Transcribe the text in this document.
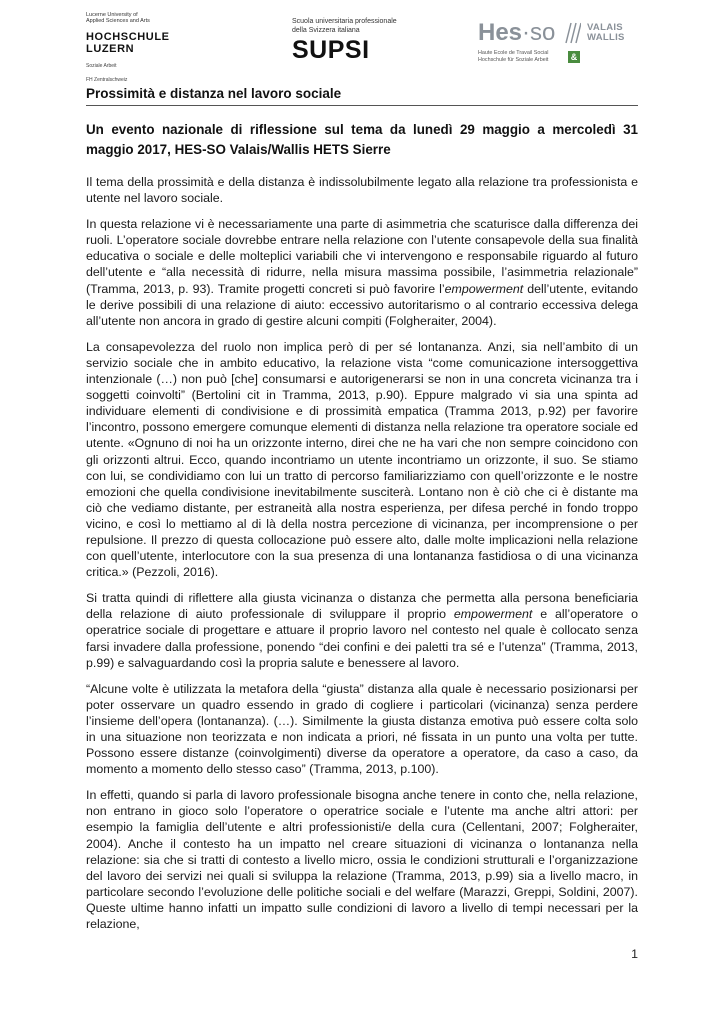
Lucerne University of
Applied Sciences and Arts
HOCHSCHULE
LUZERN
Soziale Arbeit
FH Zentralschweiz
Scuola universitaria professionale
della Svizzera italiana
SUPSI
Hes·so	VALAIS
WALLIS
Haute Ecole de Travail Social
Hochschule für Soziale Arbeit	&
Prossimità e distanza nel lavoro sociale
Un evento nazionale di riflessione sul tema da lunedì 29 maggio a mercoledì 31 maggio 2017, HES-SO Valais/Wallis HETS Sierre

Il tema della prossimità e della distanza è indissolubilmente legato alla relazione tra professionista e utente nel lavoro sociale.

In questa relazione vi è necessariamente una parte di asimmetria che scaturisce dalla differenza dei ruoli. L’operatore sociale dovrebbe entrare nella relazione con l’utente consapevole della sua finalità educativa o sociale e delle molteplici variabili che vi intervengono e responsabile riguardo al futuro dell’utente e “alla necessità di ridurre, nella misura massima possibile, l’asimmetria relazionale” (Tramma, 2013, p. 93). Tramite progetti concreti si può favorire l’empowerment dell’utente, evitando le derive possibili di una relazione di aiuto: eccessivo autoritarismo o al contrario eccessiva delega all’utente non ancora in grado di gestire alcuni compiti (Folgheraiter, 2004).

La consapevolezza del ruolo non implica però di per sé lontananza. Anzi, sia nell’ambito di un servizio sociale che in ambito educativo, la relazione vista “come comunicazione intersoggettiva intenzionale (…) non può [che] consumarsi e autorigenerarsi se non in una concreta vicinanza tra i soggetti coinvolti” (Bertolini cit in Tramma, 2013, p.90). Eppure malgrado vi sia una spinta ad individuare elementi di condivisione e di prossimità empatica (Tramma 2013, p.92) per favorire l’incontro, possono emergere comunque elementi di distanza nella relazione tra operatore sociale ed utente. «Ognuno di noi ha un orizzonte interno, direi che ne ha vari che non sempre coincidono con gli orizzonti altrui. Ecco, quando incontriamo un utente incontriamo un orizzonte, il suo. Se stiamo con lui, se condividiamo con lui un tratto di percorso familiarizziamo con quell’orizzonte e le nostre emozioni che quella condivisione inevitabilmente susciterà. Lontano non è ciò che ci è distante ma ciò che vediamo distante, per estraneità alla nostra esperienza, per difesa perché in fondo troppo vicino, e così lo mettiamo al di là della nostra percezione di vicinanza, per incomprensione o per repulsione. Il prezzo di questa collocazione può essere alto, dalle molte implicazioni nella relazione con quell’utente, interlocutore con la sua presenza di una lontananza fastidiosa o di una vicinanza critica.» (Pezzoli, 2016).

Si tratta quindi di riflettere alla giusta vicinanza o distanza che permetta alla persona beneficiaria della relazione di aiuto professionale di sviluppare il proprio empowerment e all’operatore o operatrice sociale di progettare e attuare il proprio lavoro nel contesto nel quale è collocato senza farsi invadere dalla professione, ponendo “dei confini e dei paletti tra sé e l’utenza” (Tramma, 2013, p.99) e salvaguardando così la propria salute e benessere al lavoro.

“Alcune volte è utilizzata la metafora della “giusta” distanza alla quale è necessario posizionarsi per poter osservare un quadro essendo in grado di cogliere i particolari (vicinanza) senza perdere l’insieme dell’opera (lontananza). (…). Similmente la giusta distanza emotiva può essere colta solo in una situazione non teorizzata e non indicata a priori, né fissata in un punto una volta per tutte. Possono essere distanze (coinvolgimenti) diverse da operatore a operatore, da caso a caso, da momento a momento dello stesso caso” (Tramma, 2013, p.100).

In effetti, quando si parla di lavoro professionale bisogna anche tenere in conto che, nella relazione, non entrano in gioco solo l’operatore o operatrice sociale e l’utente ma anche altri attori: per esempio la famiglia dell’utente e altri professionisti/e della cura (Cellentani, 2007; Folgheraiter, 2004). Anche il contesto ha un impatto nel creare situazioni di vicinanza o lontananza nella relazione: sia che si tratti di contesto a livello micro, ossia le condizioni strutturali e l’organizzazione del lavoro dei servizi nei quali si sviluppa la relazione (Tramma, 2013, p.99) sia a livello macro, in particolare secondo l’evoluzione delle politiche sociali e del welfare (Marazzi, Greppi, Soldini, 2007). Queste ultime hanno infatti un impatto sulle condizioni di lavoro a livello di tempi necessari per la relazione,

1
